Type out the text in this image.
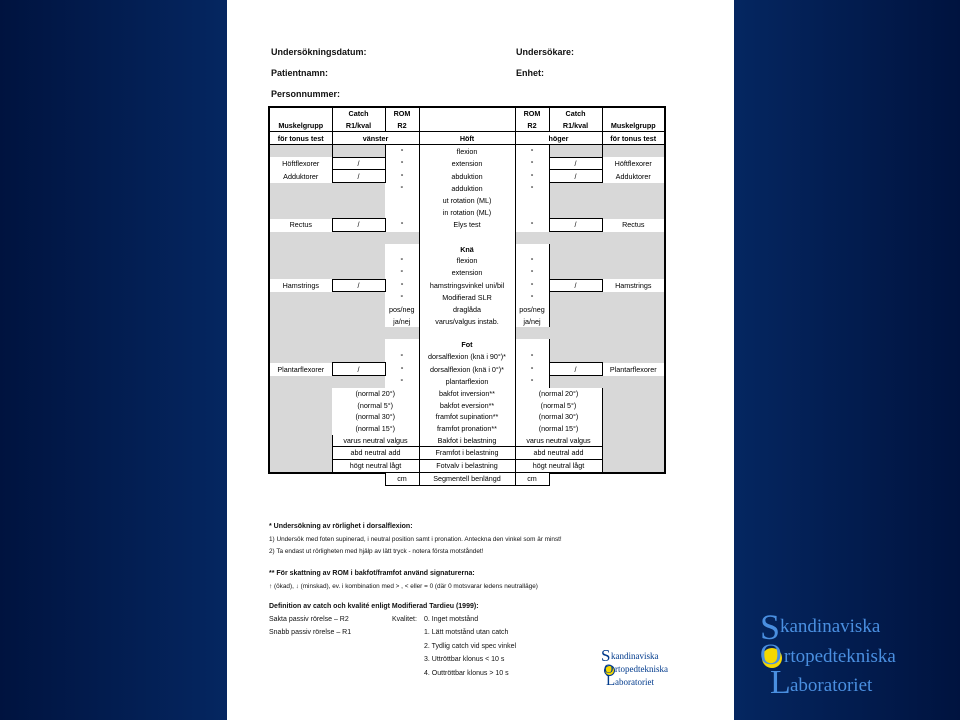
Undersökningsdatum:	Undersökare:
Patientnamn:	Enhet:
Personnummer:
	Catch	ROM		ROM	Catch	
Muskelgrupp	R1/kval	R2		R2	R1/kval	Muskelgrupp
för tonus test	vänster		Höft	höger		för tonus test
		°	flexion	°		
Höftflexorer	/	°	extension	°	/	Höftflexorer
Adduktorer	/	°	abduktion	°	/	Adduktorer
		°	adduktion	°		
			ut rotation (ML)			
			in rotation (ML)			
Rectus	/	°	Elys test	°	/	Rectus

			Knä			
		°	flexion	°		
		°	extension	°		
Hamstrings	/	°	hamstringsvinkel uni/bil	°	/	Hamstrings
		°	Modifierad SLR	°		
		pos/neg	draglåda	pos/neg		
		ja/nej	varus/valgus instab.	ja/nej		

			Fot			
		°	dorsalflexion (knä i 90°)*	°		
Plantarflexorer	/	°	dorsalflexion (knä i 0°)*	°	/	Plantarflexorer
		°	plantarflexion	°		
	(normal 20°)		bakfot inversion**	(normal 20°)		
	(normal 5°)		bakfot eversion**	(normal 5°)		
	(normal 30°)		framfot supination**	(normal 30°)		
	(normal 15°)		framfot pronation**	(normal 15°)		
	varus neutral valgus		Bakfot i belastning	varus neutral valgus		
	abd neutral add		Framfot i belastning	abd neutral add		
	högt neutral lågt		Fotvalv i belastning	högt neutral lågt		
		cm	Segmentell benlängd	cm		
* Undersökning av rörlighet i dorsalflexion:
1) Undersök med foten supinerad, i neutral position samt i pronation. Anteckna den vinkel som är minst!
2) Ta endast ut rörligheten med hjälp av lätt tryck - notera första motståndet!
** För skattning av ROM i bakfot/framfot använd signaturerna:
↑ (ökad), ↓ (minskad), ev. i kombination med > , < eller = 0 (där 0 motsvarar ledens neutralläge)
Definition av catch och kvalité enligt Modifierad Tardieu (1999):
Sakta passiv rörelse – R2
Snabb passiv rörelse – R1
Kvalitet: 0. Inget motstånd
1. Lätt motstånd utan catch
2. Tydlig catch vid spec vinkel
3. Uttröttbar klonus < 10 s
4. Outtröttbar klonus > 10 s
S kandinaviska
O rtopedtekniska
L aboratoriet
S kandinaviska
O rtopedtekniska
L aboratoriet
